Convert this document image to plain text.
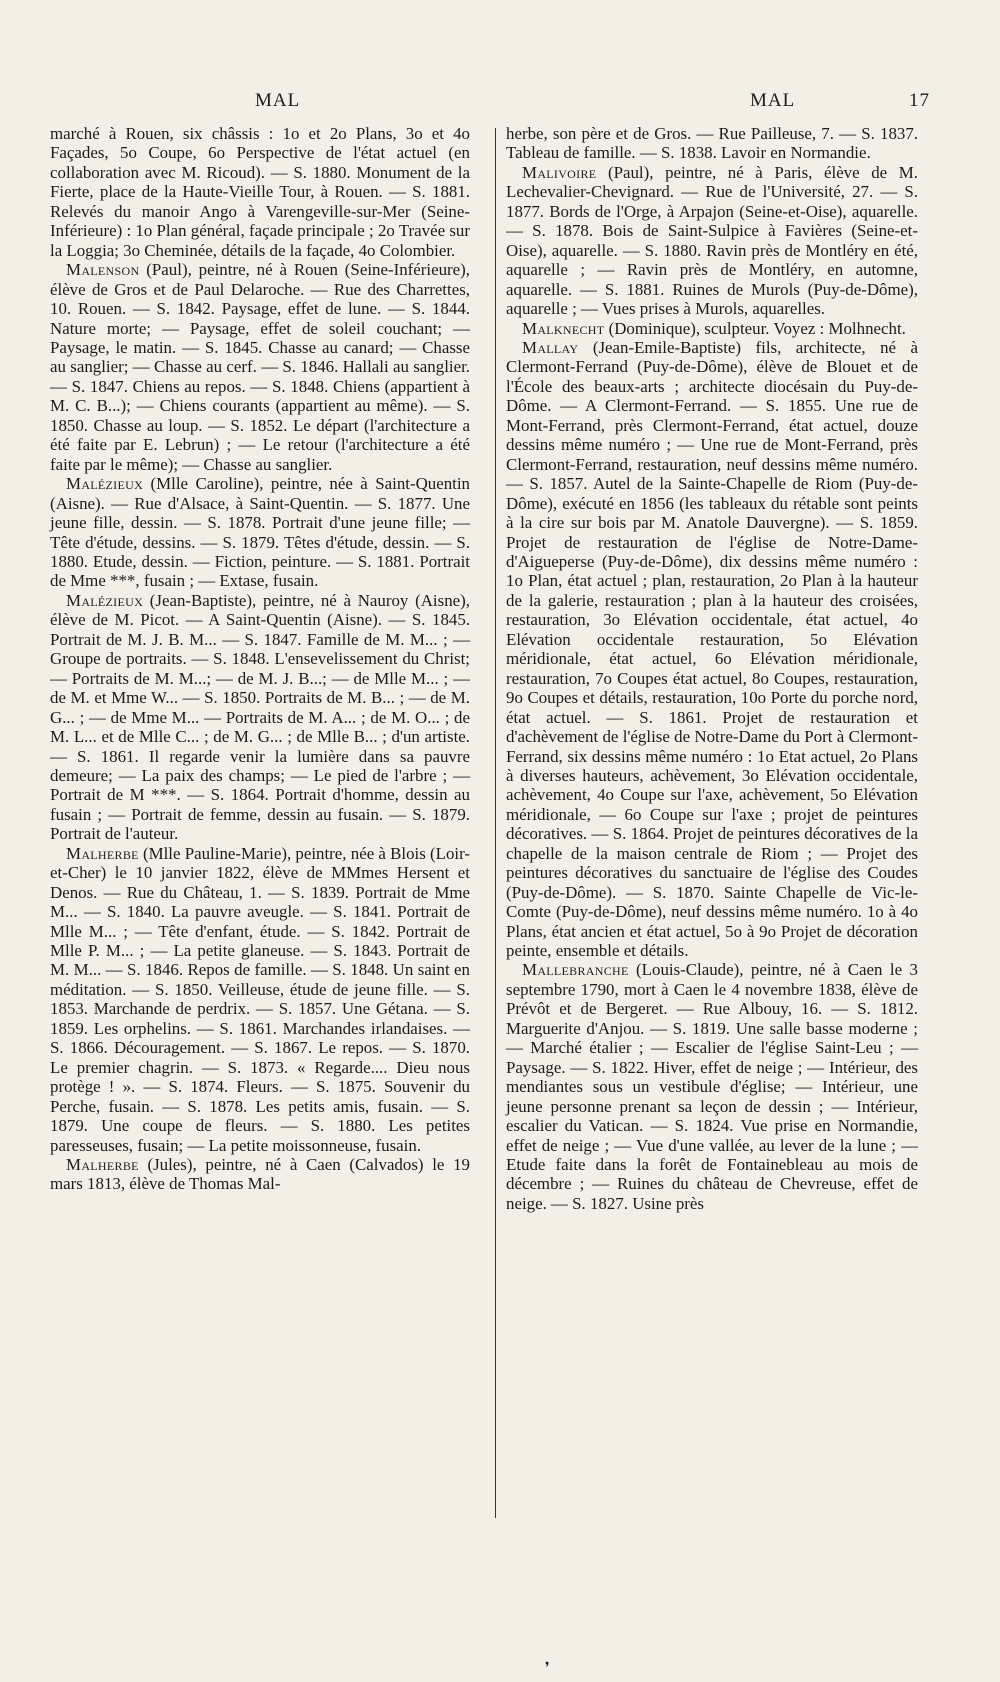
MAL	MAL	17

marché à Rouen, six châssis : 1o et 2o Plans, 3o et 4o Façades, 5o Coupe, 6o Perspective de l'état actuel (en collaboration avec M. Ricoud). — S. 1880. Monument de la Fierte, place de la Haute-Vieille Tour, à Rouen. — S. 1881. Relevés du manoir Ango à Varengeville-sur-Mer (Seine-Inférieure) : 1o Plan général, façade principale ; 2o Travée sur la Loggia; 3o Cheminée, détails de la façade, 4o Colombier.

Malenson (Paul), peintre, né à Rouen (Seine-Inférieure), élève de Gros et de Paul Delaroche. — Rue des Charrettes, 10. Rouen. — S. 1842. Paysage, effet de lune. — S. 1844. Nature morte; — Paysage, effet de soleil couchant; — Paysage, le matin. — S. 1845. Chasse au canard; — Chasse au sanglier; — Chasse au cerf. — S. 1846. Hallali au sanglier. — S. 1847. Chiens au repos. — S. 1848. Chiens (appartient à M. C. B...); — Chiens courants (appartient au même). — S. 1850. Chasse au loup. — S. 1852. Le départ (l'architecture a été faite par E. Lebrun) ; — Le retour (l'architecture a été faite par le même); — Chasse au sanglier.

Malézieux (Mlle Caroline), peintre, née à Saint-Quentin (Aisne). — Rue d'Alsace, à Saint-Quentin. — S. 1877. Une jeune fille, dessin. — S. 1878. Portrait d'une jeune fille; — Tête d'étude, dessins. — S. 1879. Têtes d'étude, dessin. — S. 1880. Etude, dessin. — Fiction, peinture. — S. 1881. Portrait de Mme ***, fusain ; — Extase, fusain.

Malézieux (Jean-Baptiste), peintre, né à Nauroy (Aisne), élève de M. Picot. — A Saint-Quentin (Aisne). — S. 1845. Portrait de M. J. B. M... — S. 1847. Famille de M. M... ; — Groupe de portraits. — S. 1848. L'ensevelissement du Christ; — Portraits de M. M...; — de M. J. B...; — de Mlle M... ; — de M. et Mme W... — S. 1850. Portraits de M. B... ; — de M. G... ; — de Mme M... — Portraits de M. A... ; de M. O... ; de M. L... et de Mlle C... ; de M. G... ; de Mlle B... ; d'un artiste. — S. 1861. Il regarde venir la lumière dans sa pauvre demeure; — La paix des champs; — Le pied de l'arbre ; — Portrait de M ***. — S. 1864. Portrait d'homme, dessin au fusain ; — Portrait de femme, dessin au fusain. — S. 1879. Portrait de l'auteur.

Malherbe (Mlle Pauline-Marie), peintre, née à Blois (Loir-et-Cher) le 10 janvier 1822, élève de MMmes Hersent et Denos. — Rue du Château, 1. — S. 1839. Portrait de Mme M... — S. 1840. La pauvre aveugle. — S. 1841. Portrait de Mlle M... ; — Tête d'enfant, étude. — S. 1842. Portrait de Mlle P. M... ; — La petite glaneuse. — S. 1843. Portrait de M. M... — S. 1846. Repos de famille. — S. 1848. Un saint en méditation. — S. 1850. Veilleuse, étude de jeune fille. — S. 1853. Marchande de perdrix. — S. 1857. Une Gétana. — S. 1859. Les orphelins. — S. 1861. Marchandes irlandaises. — S. 1866. Découragement. — S. 1867. Le repos. — S. 1870. Le premier chagrin. — S. 1873. « Regarde.... Dieu nous protège ! ». — S. 1874. Fleurs. — S. 1875. Souvenir du Perche, fusain. — S. 1878. Les petits amis, fusain. — S. 1879. Une coupe de fleurs. — S. 1880. Les petites paresseuses, fusain; — La petite moissonneuse, fusain.

Malherbe (Jules), peintre, né à Caen (Calvados) le 19 mars 1813, élève de Thomas Mal-

herbe, son père et de Gros. — Rue Pailleuse, 7. — S. 1837. Tableau de famille. — S. 1838. Lavoir en Normandie.

Malivoire (Paul), peintre, né à Paris, élève de M. Lechevalier-Chevignard. — Rue de l'Université, 27. — S. 1877. Bords de l'Orge, à Arpajon (Seine-et-Oise), aquarelle. — S. 1878. Bois de Saint-Sulpice à Favières (Seine-et-Oise), aquarelle. — S. 1880. Ravin près de Montléry en été, aquarelle ; — Ravin près de Montléry, en automne, aquarelle. — S. 1881. Ruines de Murols (Puy-de-Dôme), aquarelle ; — Vues prises à Murols, aquarelles.

Malknecht (Dominique), sculpteur. Voyez : Molhnecht.

Mallay (Jean-Emile-Baptiste) fils, architecte, né à Clermont-Ferrand (Puy-de-Dôme), élève de Blouet et de l'École des beaux-arts ; architecte diocésain du Puy-de-Dôme. — A Clermont-Ferrand. — S. 1855. Une rue de Mont-Ferrand, près Clermont-Ferrand, état actuel, douze dessins même numéro ; — Une rue de Mont-Ferrand, près Clermont-Ferrand, restauration, neuf dessins même numéro. — S. 1857. Autel de la Sainte-Chapelle de Riom (Puy-de-Dôme), exécuté en 1856 (les tableaux du rétable sont peints à la cire sur bois par M. Anatole Dauvergne). — S. 1859. Projet de restauration de l'église de Notre-Dame-d'Aigueperse (Puy-de-Dôme), dix dessins même numéro : 1o Plan, état actuel ; plan, restauration, 2o Plan à la hauteur de la galerie, restauration ; plan à la hauteur des croisées, restauration, 3o Elévation occidentale, état actuel, 4o Elévation occidentale restauration, 5o Elévation méridionale, état actuel, 6o Elévation méridionale, restauration, 7o Coupes état actuel, 8o Coupes, restauration, 9o Coupes et détails, restauration, 10o Porte du porche nord, état actuel. — S. 1861. Projet de restauration et d'achèvement de l'église de Notre-Dame du Port à Clermont-Ferrand, six dessins même numéro : 1o Etat actuel, 2o Plans à diverses hauteurs, achèvement, 3o Elévation occidentale, achèvement, 4o Coupe sur l'axe, achèvement, 5o Elévation méridionale, — 6o Coupe sur l'axe ; projet de peintures décoratives. — S. 1864. Projet de peintures décoratives de la chapelle de la maison centrale de Riom ; — Projet des peintures décoratives du sanctuaire de l'église des Coudes (Puy-de-Dôme). — S. 1870. Sainte Chapelle de Vic-le-Comte (Puy-de-Dôme), neuf dessins même numéro. 1o à 4o Plans, état ancien et état actuel, 5o à 9o Projet de décoration peinte, ensemble et détails.

Mallebranche (Louis-Claude), peintre, né à Caen le 3 septembre 1790, mort à Caen le 4 novembre 1838, élève de Prévôt et de Bergeret. — Rue Albouy, 16. — S. 1812. Marguerite d'Anjou. — S. 1819. Une salle basse moderne ; — Marché étalier ; — Escalier de l'église Saint-Leu ; — Paysage. — S. 1822. Hiver, effet de neige ; — Intérieur, des mendiantes sous un vestibule d'église; — Intérieur, une jeune personne prenant sa leçon de dessin ; — Intérieur, escalier du Vatican. — S. 1824. Vue prise en Normandie, effet de neige ; — Vue d'une vallée, au lever de la lune ; — Etude faite dans la forêt de Fontainebleau au mois de décembre ; — Ruines du château de Chevreuse, effet de neige. — S. 1827. Usine près

❜
